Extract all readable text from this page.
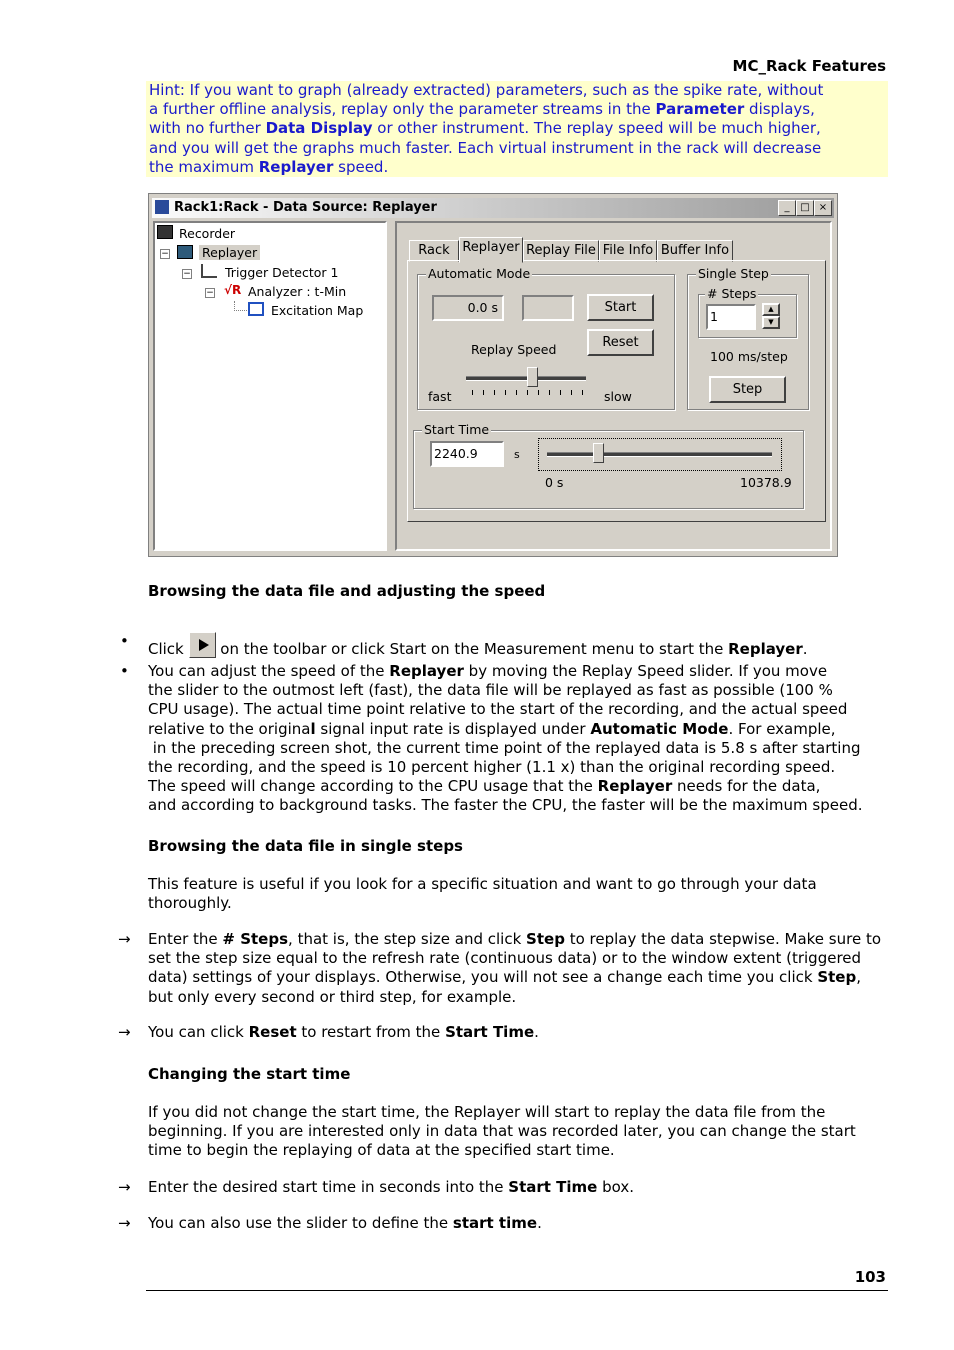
MC_Rack Features

Hint: If you want to graph (already extracted) parameters, such as the spike rate, without

a further offline analysis, replay only the parameter streams in the Parameter displays,

with no further Data Display or other instrument. The replay speed will be much higher,

and you will get the graphs much faster. Each virtual instrument in the rack will decrease

the maximum Replayer speed.

Rack1:Rack - Data Source: Replayer	_	□ ×
Recorder
−	Replayer
−	Trigger Detector 1
− √R Analyzer : t-Min
Excitation Map
Rack Replayer Replay File File Info Buffer Info
Automatic Mode
0.0 s	Start
Reset
Replay Speed
fast	slow
Single Step
# Steps
1	▲
▼
100 ms/step
Step
Start Time
2240.9	s
0 s	10378.9
Browsing the data file and adjusting the speed
• Click  on the toolbar or click Start on the Measurement menu to start the Replayer.

• You can adjust the speed of the Replayer by moving the Replay Speed slider. If you move

the slider to the outmost left (fast), the data file will be replayed as fast as possible (100 %

CPU usage). The actual time point relative to the start of the recording, and the actual speed

relative to the original signal input rate is displayed under Automatic Mode. For example,

in the preceding screen shot, the current time point of the replayed data is 5.8 s after starting

the recording, and the speed is 10 percent higher (1.1 x) than the original recording speed.

The speed will change according to the CPU usage that the Replayer needs for the data,

and according to background tasks. The faster the CPU, the faster will be the maximum speed.

Browsing the data file in single steps

This feature is useful if you look for a specific situation and want to go through your data

thoroughly.

→ Enter the # Steps, that is, the step size and click Step to replay the data stepwise. Make sure to

set the step size equal to the refresh rate (continuous data) or to the window extent (triggered

data) settings of your displays. Otherwise, you will not see a change each time you click Step,

but only every second or third step, for example.

→ You can click Reset to restart from the Start Time.

Changing the start time

If you did not change the start time, the Replayer will start to replay the data file from the

beginning. If you are interested only in data that was recorded later, you can change the start

time to begin the replaying of data at the specified start time.

→ Enter the desired start time in seconds into the Start Time box.

→ You can also use the slider to define the start time.

103
